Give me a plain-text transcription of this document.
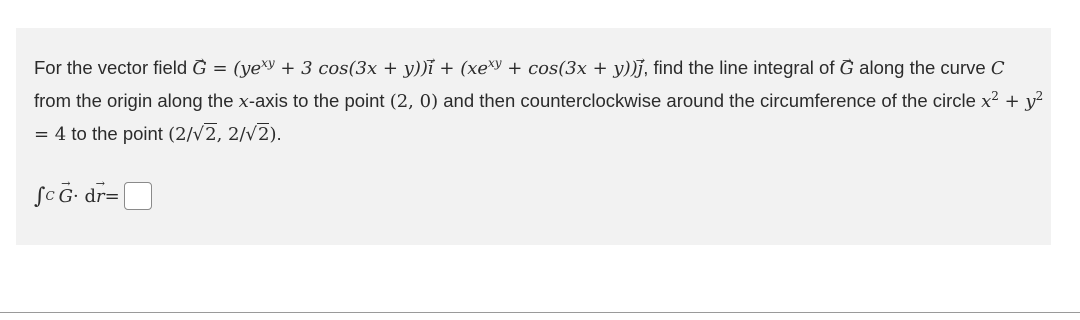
For the vector field → $G = (ye^{xy} + 3$ $\cos(3x + y))\to i + (xe^{xy} + \cos(3x + y))\to j$, find the line integral of → G along the curve C from the origin along the x-axis to the point (2, 0) and then counterclockwise around the circumference of the circle $x^2 + y^2 = 4$ to the point (2/√2, 2/√2).

∫ C → G · d → r =
